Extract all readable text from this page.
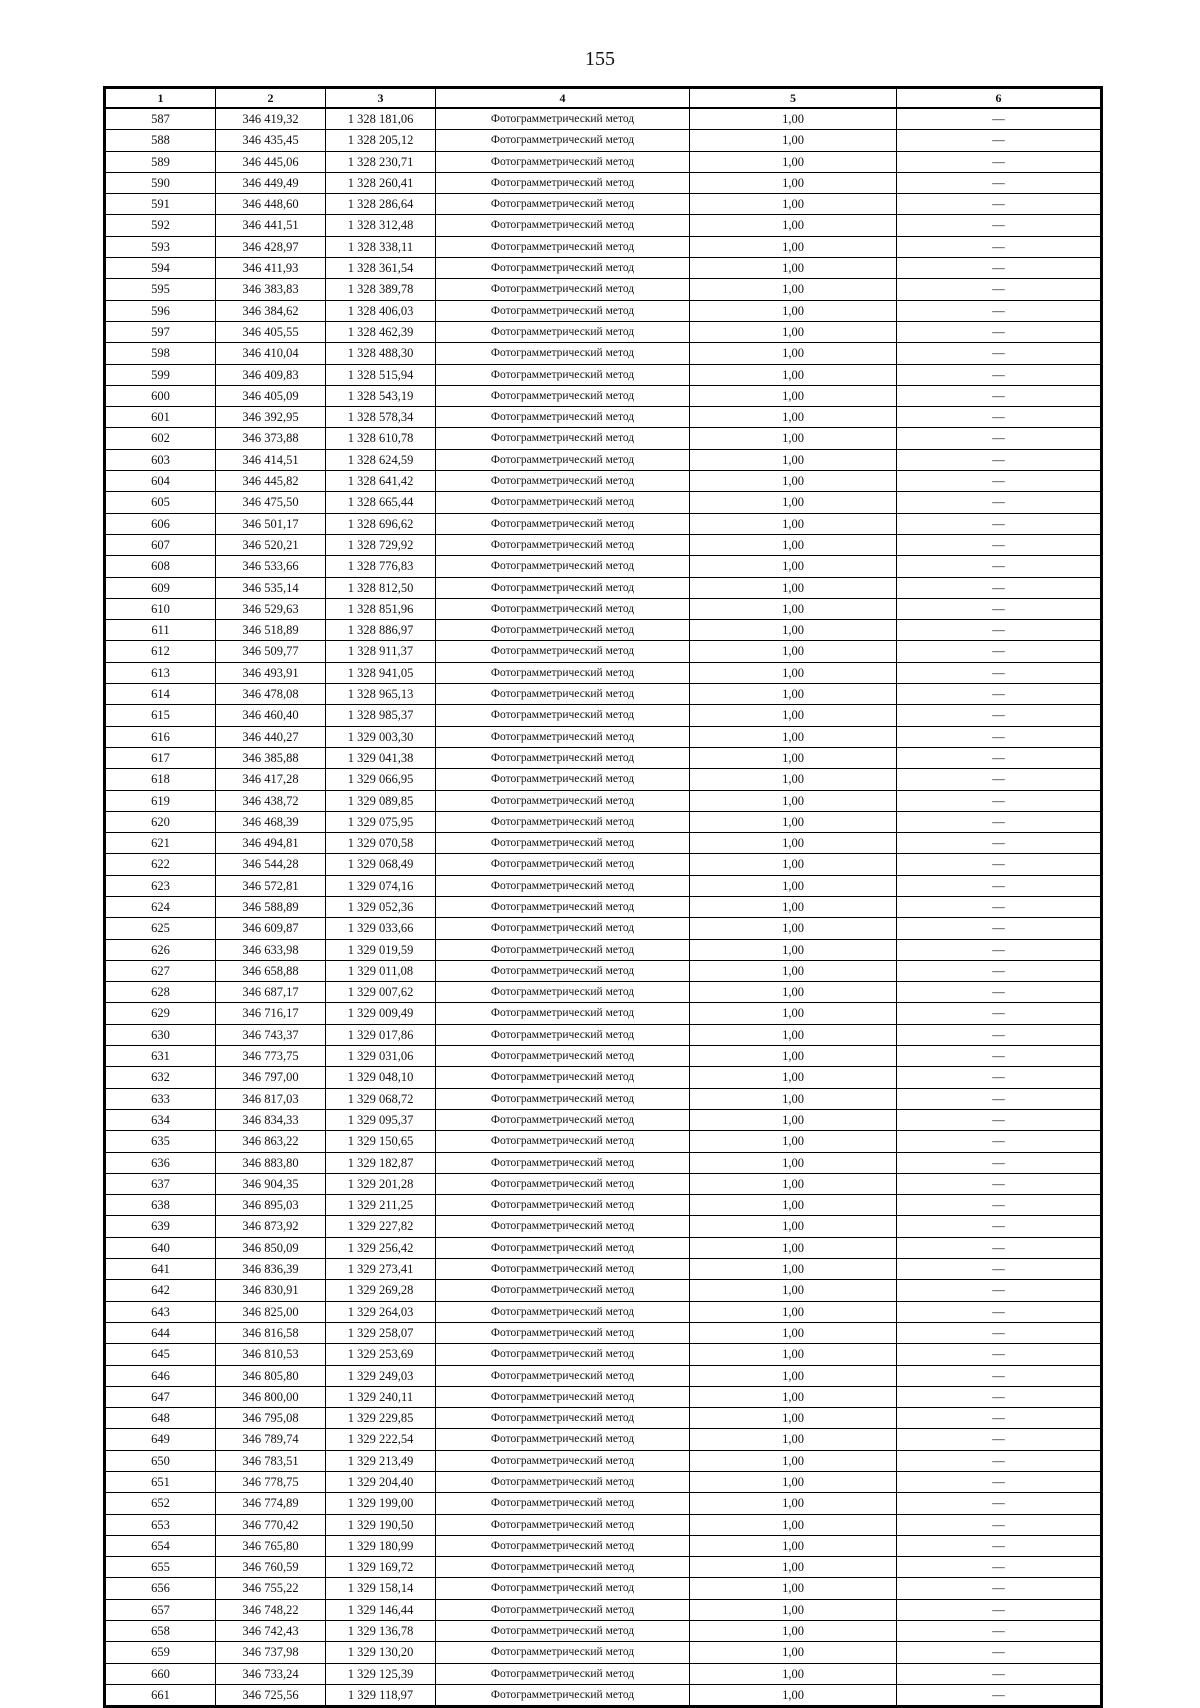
155
1	2	3	4	5	6
587	346 419,32	1 328 181,06	Фотограмметрический метод	1,00	—
588	346 435,45	1 328 205,12	Фотограмметрический метод	1,00	—
589	346 445,06	1 328 230,71	Фотограмметрический метод	1,00	—
590	346 449,49	1 328 260,41	Фотограмметрический метод	1,00	—
591	346 448,60	1 328 286,64	Фотограмметрический метод	1,00	—
592	346 441,51	1 328 312,48	Фотограмметрический метод	1,00	—
593	346 428,97	1 328 338,11	Фотограмметрический метод	1,00	—
594	346 411,93	1 328 361,54	Фотограмметрический метод	1,00	—
595	346 383,83	1 328 389,78	Фотограмметрический метод	1,00	—
596	346 384,62	1 328 406,03	Фотограмметрический метод	1,00	—
597	346 405,55	1 328 462,39	Фотограмметрический метод	1,00	—
598	346 410,04	1 328 488,30	Фотограмметрический метод	1,00	—
599	346 409,83	1 328 515,94	Фотограмметрический метод	1,00	—
600	346 405,09	1 328 543,19	Фотограмметрический метод	1,00	—
601	346 392,95	1 328 578,34	Фотограмметрический метод	1,00	—
602	346 373,88	1 328 610,78	Фотограмметрический метод	1,00	—
603	346 414,51	1 328 624,59	Фотограмметрический метод	1,00	—
604	346 445,82	1 328 641,42	Фотограмметрический метод	1,00	—
605	346 475,50	1 328 665,44	Фотограмметрический метод	1,00	—
606	346 501,17	1 328 696,62	Фотограмметрический метод	1,00	—
607	346 520,21	1 328 729,92	Фотограмметрический метод	1,00	—
608	346 533,66	1 328 776,83	Фотограмметрический метод	1,00	—
609	346 535,14	1 328 812,50	Фотограмметрический метод	1,00	—
610	346 529,63	1 328 851,96	Фотограмметрический метод	1,00	—
611	346 518,89	1 328 886,97	Фотограмметрический метод	1,00	—
612	346 509,77	1 328 911,37	Фотограмметрический метод	1,00	—
613	346 493,91	1 328 941,05	Фотограмметрический метод	1,00	—
614	346 478,08	1 328 965,13	Фотограмметрический метод	1,00	—
615	346 460,40	1 328 985,37	Фотограмметрический метод	1,00	—
616	346 440,27	1 329 003,30	Фотограмметрический метод	1,00	—
617	346 385,88	1 329 041,38	Фотограмметрический метод	1,00	—
618	346 417,28	1 329 066,95	Фотограмметрический метод	1,00	—
619	346 438,72	1 329 089,85	Фотограмметрический метод	1,00	—
620	346 468,39	1 329 075,95	Фотограмметрический метод	1,00	—
621	346 494,81	1 329 070,58	Фотограмметрический метод	1,00	—
622	346 544,28	1 329 068,49	Фотограмметрический метод	1,00	—
623	346 572,81	1 329 074,16	Фотограмметрический метод	1,00	—
624	346 588,89	1 329 052,36	Фотограмметрический метод	1,00	—
625	346 609,87	1 329 033,66	Фотограмметрический метод	1,00	—
626	346 633,98	1 329 019,59	Фотограмметрический метод	1,00	—
627	346 658,88	1 329 011,08	Фотограмметрический метод	1,00	—
628	346 687,17	1 329 007,62	Фотограмметрический метод	1,00	—
629	346 716,17	1 329 009,49	Фотограмметрический метод	1,00	—
630	346 743,37	1 329 017,86	Фотограмметрический метод	1,00	—
631	346 773,75	1 329 031,06	Фотограмметрический метод	1,00	—
632	346 797,00	1 329 048,10	Фотограмметрический метод	1,00	—
633	346 817,03	1 329 068,72	Фотограмметрический метод	1,00	—
634	346 834,33	1 329 095,37	Фотограмметрический метод	1,00	—
635	346 863,22	1 329 150,65	Фотограмметрический метод	1,00	—
636	346 883,80	1 329 182,87	Фотограмметрический метод	1,00	—
637	346 904,35	1 329 201,28	Фотограмметрический метод	1,00	—
638	346 895,03	1 329 211,25	Фотограмметрический метод	1,00	—
639	346 873,92	1 329 227,82	Фотограмметрический метод	1,00	—
640	346 850,09	1 329 256,42	Фотограмметрический метод	1,00	—
641	346 836,39	1 329 273,41	Фотограмметрический метод	1,00	—
642	346 830,91	1 329 269,28	Фотограмметрический метод	1,00	—
643	346 825,00	1 329 264,03	Фотограмметрический метод	1,00	—
644	346 816,58	1 329 258,07	Фотограмметрический метод	1,00	—
645	346 810,53	1 329 253,69	Фотограмметрический метод	1,00	—
646	346 805,80	1 329 249,03	Фотограмметрический метод	1,00	—
647	346 800,00	1 329 240,11	Фотограмметрический метод	1,00	—
648	346 795,08	1 329 229,85	Фотограмметрический метод	1,00	—
649	346 789,74	1 329 222,54	Фотограмметрический метод	1,00	—
650	346 783,51	1 329 213,49	Фотограмметрический метод	1,00	—
651	346 778,75	1 329 204,40	Фотограмметрический метод	1,00	—
652	346 774,89	1 329 199,00	Фотограмметрический метод	1,00	—
653	346 770,42	1 329 190,50	Фотограмметрический метод	1,00	—
654	346 765,80	1 329 180,99	Фотограмметрический метод	1,00	—
655	346 760,59	1 329 169,72	Фотограмметрический метод	1,00	—
656	346 755,22	1 329 158,14	Фотограмметрический метод	1,00	—
657	346 748,22	1 329 146,44	Фотограмметрический метод	1,00	—
658	346 742,43	1 329 136,78	Фотограмметрический метод	1,00	—
659	346 737,98	1 329 130,20	Фотограмметрический метод	1,00	—
660	346 733,24	1 329 125,39	Фотограмметрический метод	1,00	—
661	346 725,56	1 329 118,97	Фотограмметрический метод	1,00	—
